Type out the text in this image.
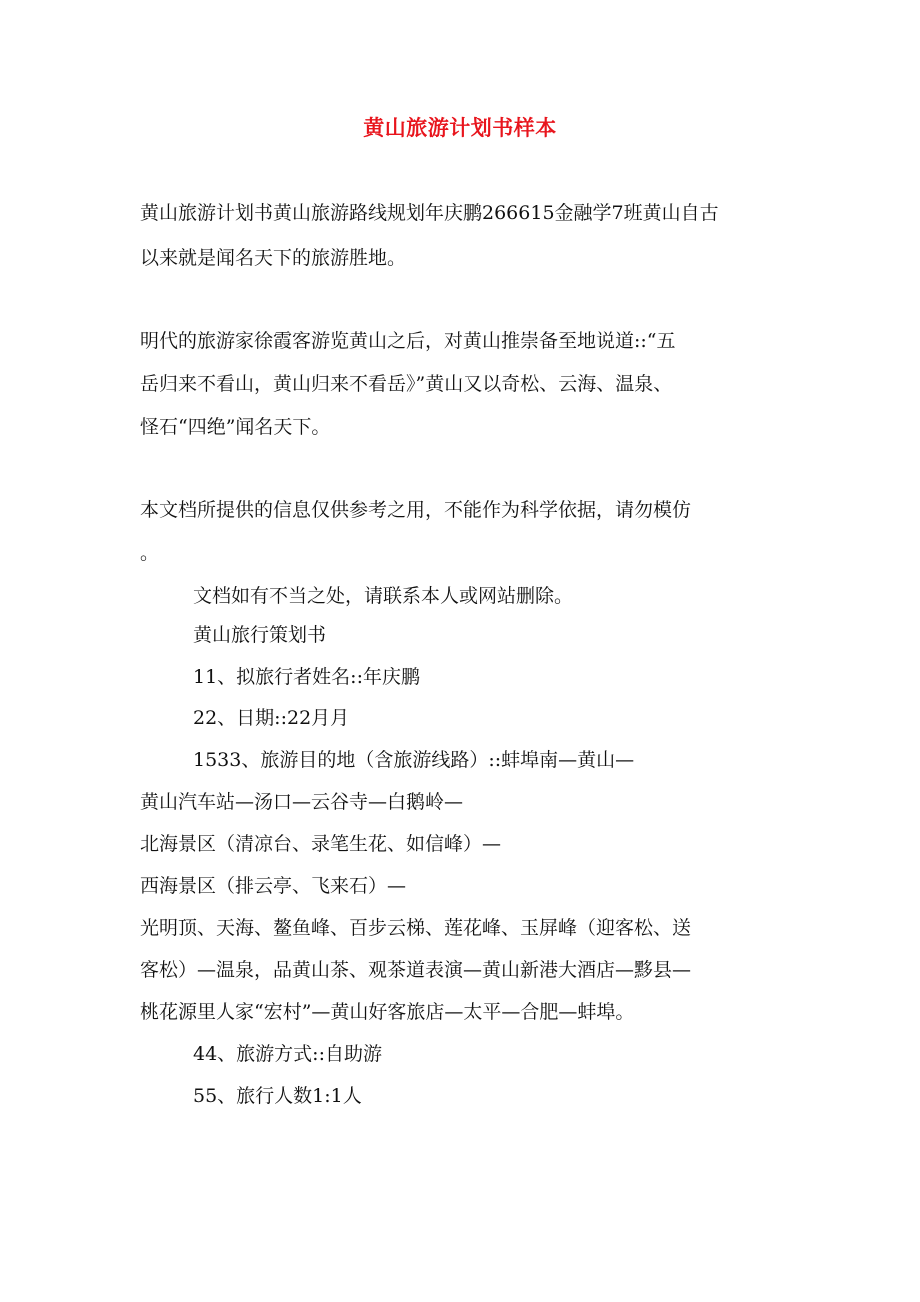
黄山旅游计划书样本

黄山旅游计划书黄山旅游路线规划年庆鹏266615金融学7班黄山自古

以来就是闻名天下的旅游胜地。

明代的旅游家徐霞客游览黄山之后，对黄山推崇备至地说道::“五

岳归来不看山，黄山归来不看岳》”黄山又以奇松、云海、温泉、

怪石“四绝”闻名天下。

本文档所提供的信息仅供参考之用，不能作为科学依据，请勿模仿

。

文档如有不当之处，请联系本人或网站删除。

黄山旅行策划书

11、拟旅行者姓名::年庆鹏

22、日期::22月月

1533、旅游目的地（含旅游线路）::蚌埠南—黄山—

黄山汽车站—汤口—云谷寺—白鹅岭—

北海景区（清凉台、录笔生花、如信峰）—

西海景区（排云亭、飞来石）—

光明顶、天海、鳌鱼峰、百步云梯、莲花峰、玉屏峰（迎客松、送

客松）—温泉，品黄山茶、观茶道表演—黄山新港大酒店—黟县—

桃花源里人家“宏村”—黄山好客旅店—太平—合肥—蚌埠。

44、旅游方式::自助游

55、旅行人数1:1人
